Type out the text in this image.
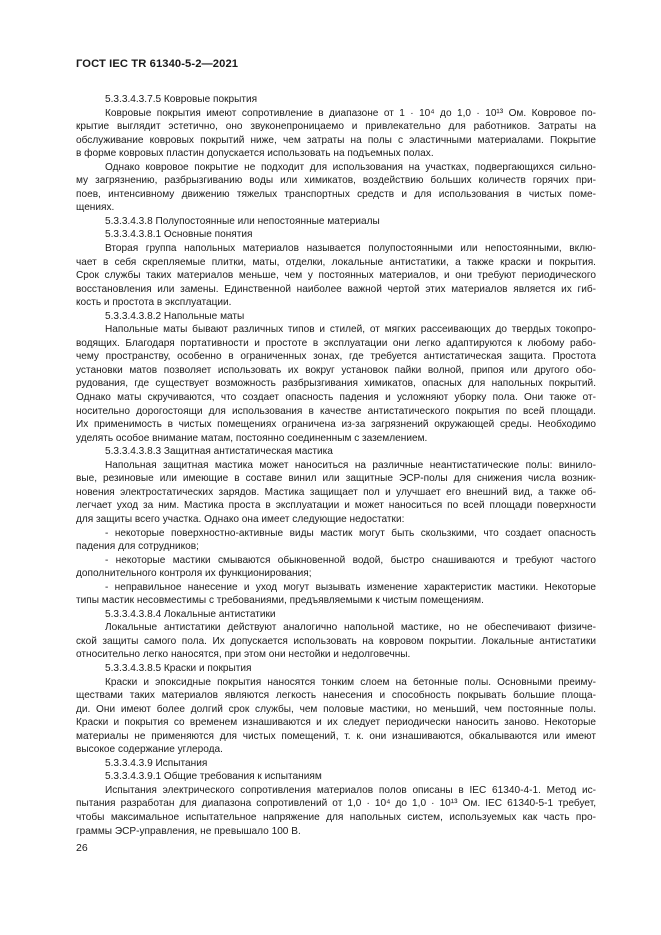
ГОСТ IEC TR 61340-5-2—2021
5.3.3.4.3.7.5 Ковровые покрытия
Ковровые покрытия имеют сопротивление в диапазоне от 1 · 10⁴ до 1,0 · 10¹³ Ом. Ковровое по-
крытие выглядит эстетично, оно звуконепроницаемо и привлекательно для работников. Затраты на
обслуживание ковровых покрытий ниже, чем затраты на полы с эластичными материалами. Покрытие
в форме ковровых пластин допускается использовать на подъемных полах.
Однако ковровое покрытие не подходит для использования на участках, подвергающихся сильно-
му загрязнению, разбрызгиванию воды или химикатов, воздействию больших количеств горячих при-
поев, интенсивному движению тяжелых транспортных средств и для использования в чистых поме-
щениях.
5.3.3.4.3.8 Полупостоянные или непостоянные материалы
5.3.3.4.3.8.1 Основные понятия
Вторая группа напольных материалов называется полупостоянными или непостоянными, вклю-
чает в себя скрепляемые плитки, маты, отделки, локальные антистатики, а также краски и покрытия.
Срок службы таких материалов меньше, чем у постоянных материалов, и они требуют периодического
восстановления или замены. Единственной наиболее важной чертой этих материалов является их гиб-
кость и простота в эксплуатации.
5.3.3.4.3.8.2 Напольные маты
Напольные маты бывают различных типов и стилей, от мягких рассеивающих до твердых токопро-
водящих. Благодаря портативности и простоте в эксплуатации они легко адаптируются к любому рабо-
чему пространству, особенно в ограниченных зонах, где требуется антистатическая защита. Простота
установки матов позволяет использовать их вокруг установок пайки волной, припоя или другого обо-
рудования, где существует возможность разбрызгивания химикатов, опасных для напольных покрытий.
Однако маты скручиваются, что создает опасность падения и усложняют уборку пола. Они также от-
носительно дорогостоящи для использования в качестве антистатического покрытия по всей площади.
Их применимость в чистых помещениях ограничена из-за загрязнений окружающей среды. Необходимо
уделять особое внимание матам, постоянно соединенным с заземлением.
5.3.3.4.3.8.3 Защитная антистатическая мастика
Напольная защитная мастика может наноситься на различные неантистатические полы: винило-
вые, резиновые или имеющие в составе винил или защитные ЭСР-полы для снижения числа возник-
новения электростатических зарядов. Мастика защищает пол и улучшает его внешний вид, а также об-
легчает уход за ним. Мастика проста в эксплуатации и может наноситься по всей площади поверхности
для защиты всего участка. Однако она имеет следующие недостатки:
- некоторые поверхностно-активные виды мастик могут быть скользкими, что создает опасность
падения для сотрудников;
- некоторые мастики смываются обыкновенной водой, быстро снашиваются и требуют частого
дополнительного контроля их функционирования;
- неправильное нанесение и уход могут вызывать изменение характеристик мастики. Некоторые
типы мастик несовместимы с требованиями, предъявляемыми к чистым помещениям.
5.3.3.4.3.8.4 Локальные антистатики
Локальные антистатики действуют аналогично напольной мастике, но не обеспечивают физиче-
ской защиты самого пола. Их допускается использовать на ковровом покрытии. Локальные антистатики
относительно легко наносятся, при этом они нестойки и недолговечны.
5.3.3.4.3.8.5 Краски и покрытия
Краски и эпоксидные покрытия наносятся тонким слоем на бетонные полы. Основными преиму-
ществами таких материалов являются легкость нанесения и способность покрывать большие площа-
ди. Они имеют более долгий срок службы, чем половые мастики, но меньший, чем постоянные полы.
Краски и покрытия со временем изнашиваются и их следует периодически наносить заново. Некоторые
материалы не применяются для чистых помещений, т. к. они изнашиваются, обкалываются или имеют
высокое содержание углерода.
5.3.3.4.3.9 Испытания
5.3.3.4.3.9.1 Общие требования к испытаниям
Испытания электрического сопротивления материалов полов описаны в IEC 61340-4-1. Метод ис-
пытания разработан для диапазона сопротивлений от 1,0 · 10⁴ до 1,0 · 10¹³ Ом. IEC 61340-5-1 требует,
чтобы максимальное испытательное напряжение для напольных систем, используемых как часть про-
граммы ЭСР-управления, не превышало 100 В.
26
